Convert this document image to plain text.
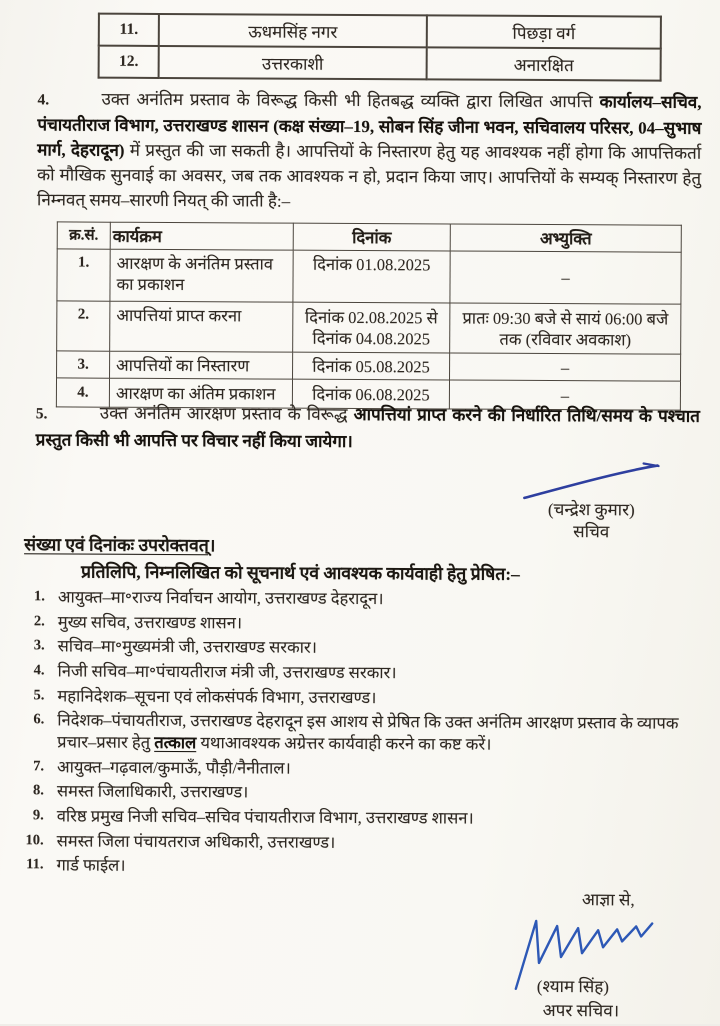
11.	ऊधमसिंह नगर	पिछड़ा वर्ग
12.	उत्तरकाशी	अनारक्षित
4.	उक्त अनंतिम प्रस्ताव के विरूद्ध किसी भी हितबद्ध व्यक्ति द्वारा लिखित आपत्ति कार्यालय–सचिव, पंचायतीराज विभाग, उत्तराखण्ड शासन (कक्ष संख्या–19, सोबन सिंह जीना भवन, सचिवालय परिसर, 04–सुभाष मार्ग, देहरादून) में प्रस्तुत की जा सकती है। आपत्तियों के निस्तारण हेतु यह आवश्यक नहीं होगा कि आपत्तिकर्ता को मौखिक सुनवाई का अवसर, जब तक आवश्यक न हो, प्रदान किया जाए। आपत्तियों के सम्यक् निस्तारण हेतु निम्नवत् समय–सारणी नियत् की जाती है:–
क्र.सं.	कार्यक्रम	दिनांक	अभ्युक्ति
1.	आरक्षण के अनंतिम प्रस्ताव का प्रकाशन	दिनांक 01.08.2025	–
2.	आपत्तियां प्राप्त करना	दिनांक 02.08.2025 से दिनांक 04.08.2025	प्रातः 09:30 बजे से सायं 06:00 बजे तक (रविवार अवकाश)
3.	आपत्तियों का निस्तारण	दिनांक 05.08.2025	–
4.	आरक्षण का अंतिम प्रकाशन	दिनांक 06.08.2025	–
5.	उक्त अनंतिम आरक्षण प्रस्ताव के विरूद्ध आपत्तियां प्राप्त करने की निर्धारित तिथि/समय के पश्चात प्रस्तुत किसी भी आपत्ति पर विचार नहीं किया जायेगा।
(चन्द्रेश कुमार)
सचिव
संख्या एवं दिनांकः उपरोक्तवत्।
प्रतिलिपि, निम्नलिखित को सूचनार्थ एवं आवश्यक कार्यवाही हेतु प्रेषित:–
1. आयुक्त–मा॰राज्य निर्वाचन आयोग, उत्तराखण्ड देहरादून।
2. मुख्य सचिव, उत्तराखण्ड शासन।
3. सचिव–मा॰मुख्यमंत्री जी, उत्तराखण्ड सरकार।
4. निजी सचिव–मा॰पंचायतीराज मंत्री जी, उत्तराखण्ड सरकार।
5. महानिदेशक–सूचना एवं लोकसंपर्क विभाग, उत्तराखण्ड।
6. निदेशक–पंचायतीराज, उत्तराखण्ड देहरादून इस आशय से प्रेषित कि उक्त अनंतिम आरक्षण प्रस्ताव के व्यापक प्रचार–प्रसार हेतु तत्काल यथाआवश्यक अग्रेत्तर कार्यवाही करने का कष्ट करें।
7. आयुक्त–गढ़वाल/कुमाऊँ, पौड़ी/नैनीताल।
8. समस्त जिलाधिकारी, उत्तराखण्ड।
9. वरिष्ठ प्रमुख निजी सचिव–सचिव पंचायतीराज विभाग, उत्तराखण्ड शासन।
10. समस्त जिला पंचायतराज अधिकारी, उत्तराखण्ड।
11. गार्ड फाईल।
आज्ञा से,
(श्याम सिंह)
अपर सचिव।
